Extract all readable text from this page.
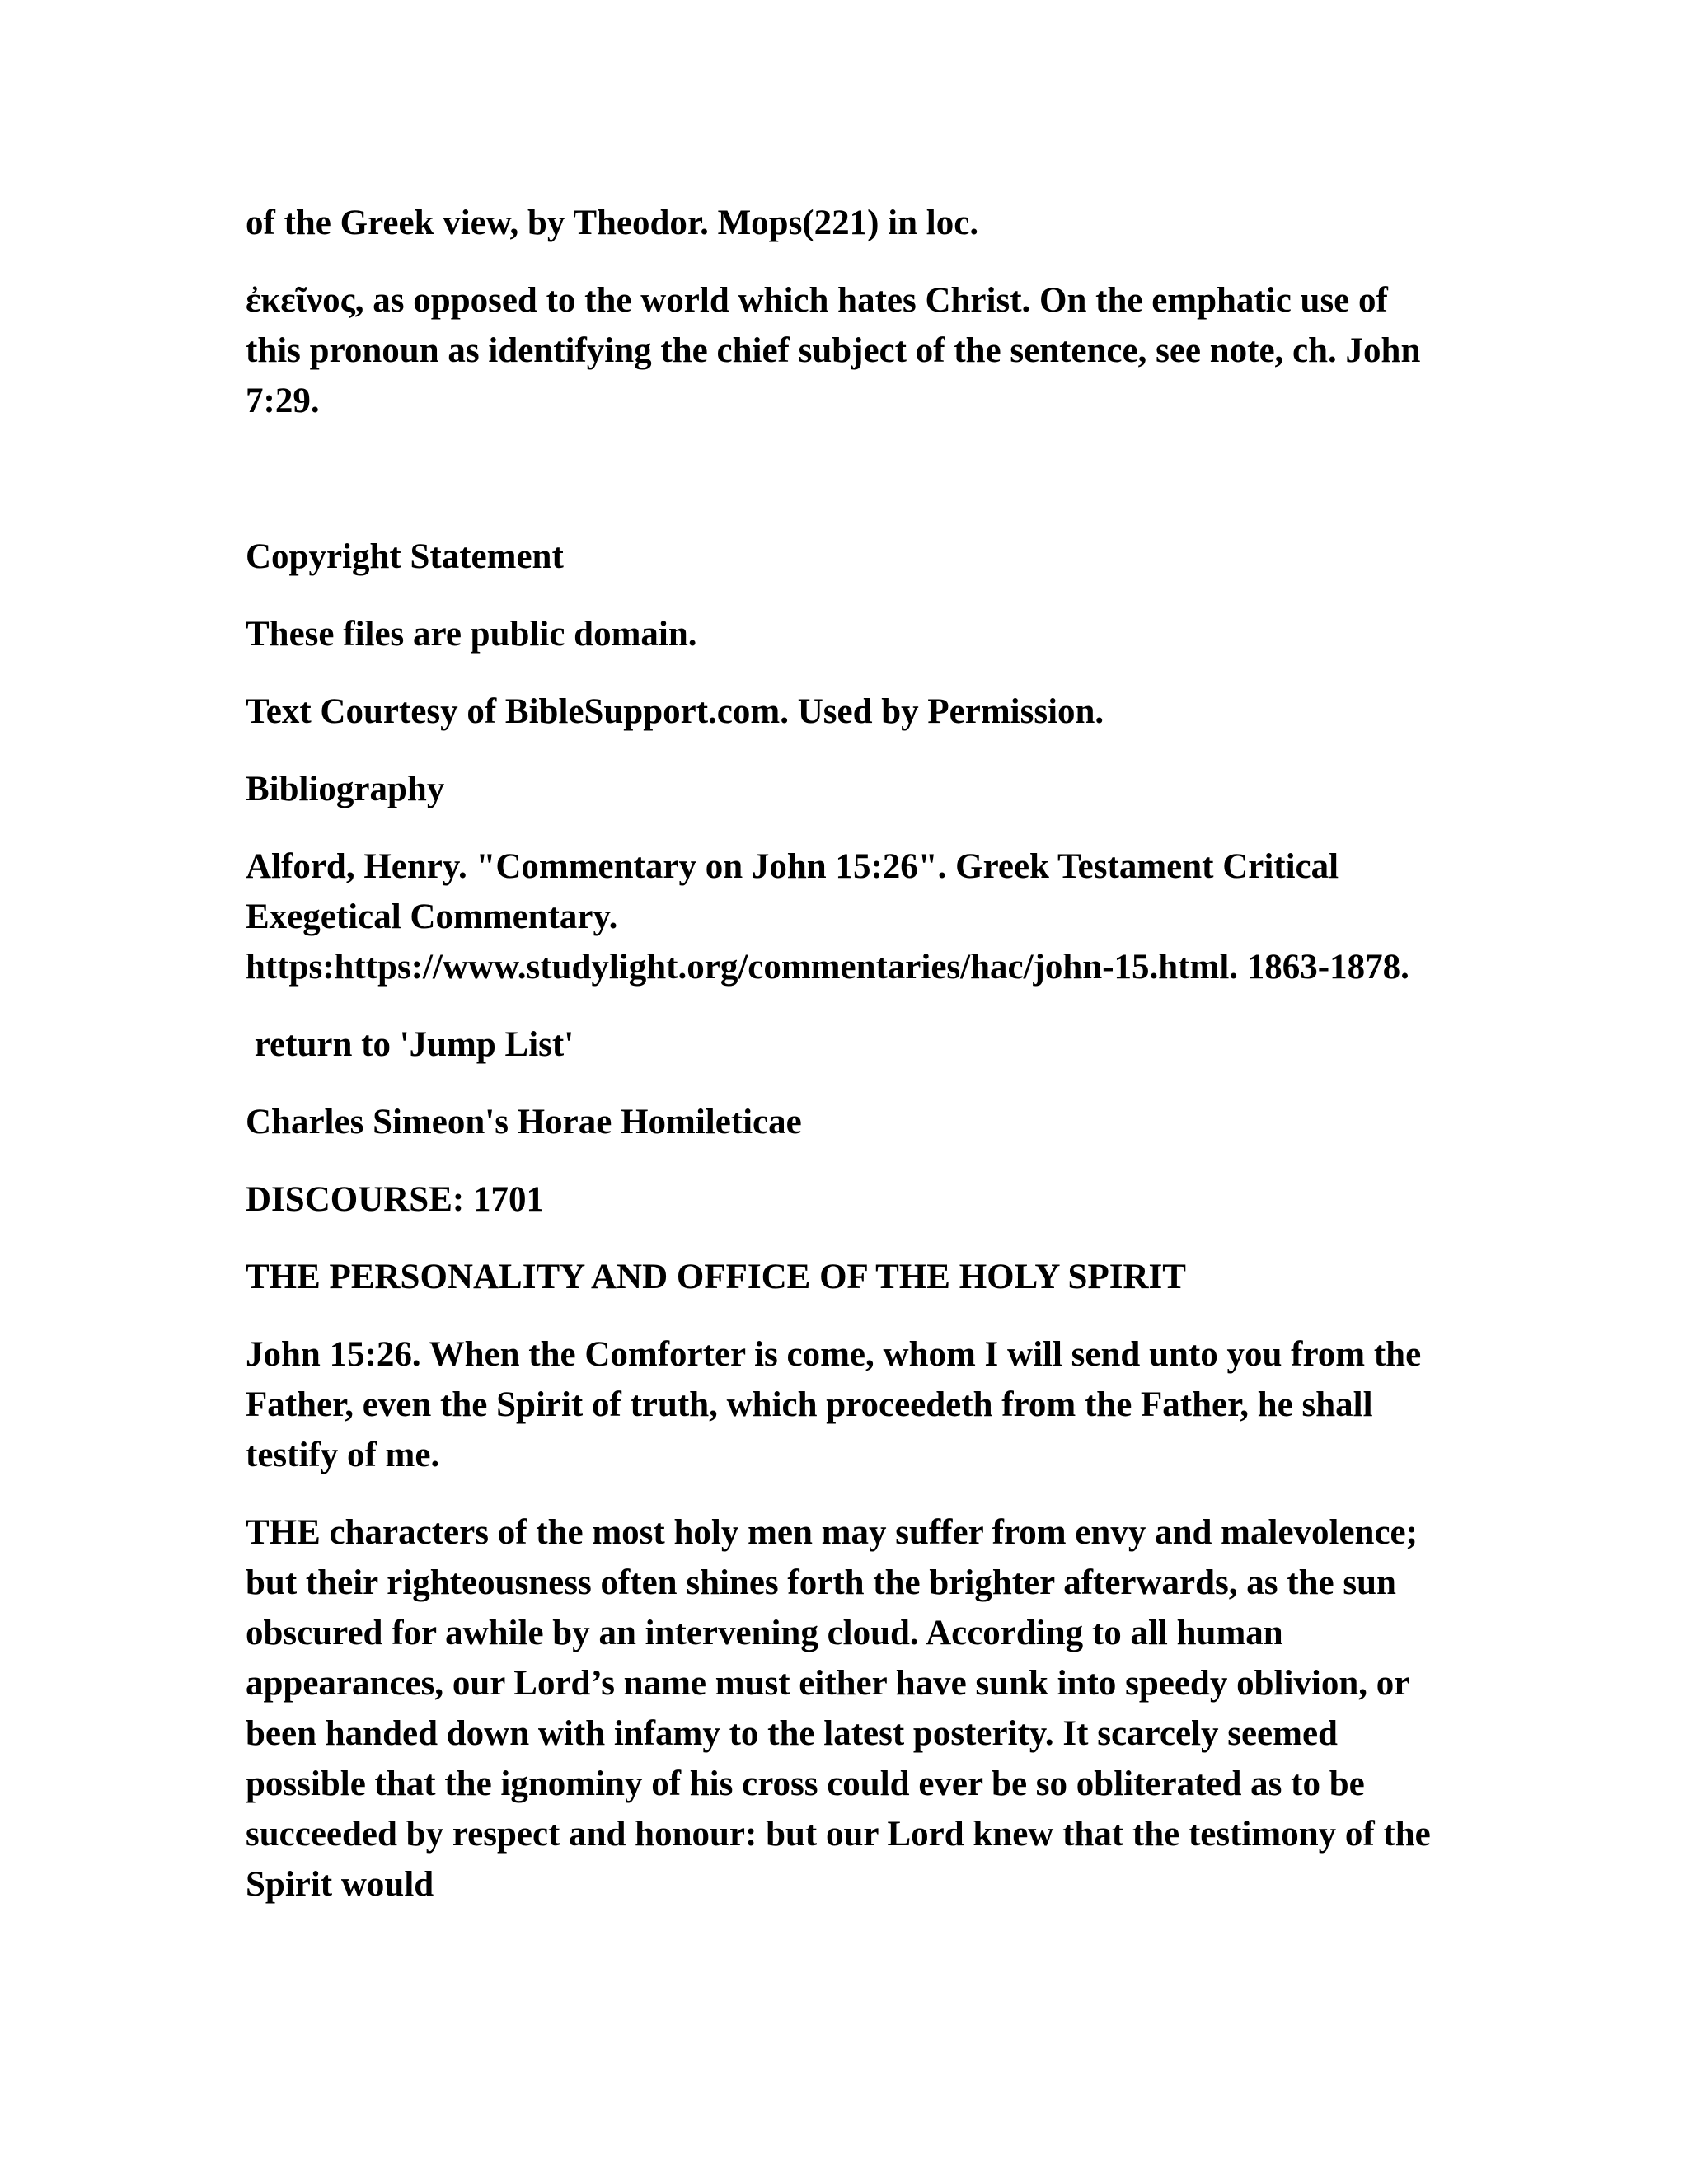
of the Greek view, by Theodor. Mops(221) in loc.

ἐκεῖνος, as opposed to the world which hates Christ. On the emphatic use of this pronoun as identifying the chief subject of the sentence, see note, ch. John 7:29.

Copyright Statement

These files are public domain.

Text Courtesy of BibleSupport.com. Used by Permission.

Bibliography

Alford, Henry. "Commentary on John 15:26". Greek Testament Critical Exegetical Commentary. https:https://www.studylight.org/commentaries/hac/john-15.html. 1863-1878.

return to 'Jump List'

Charles Simeon's Horae Homileticae

DISCOURSE: 1701

THE PERSONALITY AND OFFICE OF THE HOLY SPIRIT

John 15:26. When the Comforter is come, whom I will send unto you from the Father, even the Spirit of truth, which proceedeth from the Father, he shall testify of me.

THE characters of the most holy men may suffer from envy and malevolence; but their righteousness often shines forth the brighter afterwards, as the sun obscured for awhile by an intervening cloud. According to all human appearances, our Lord’s name must either have sunk into speedy oblivion, or been handed down with infamy to the latest posterity. It scarcely seemed possible that the ignominy of his cross could ever be so obliterated as to be succeeded by respect and honour: but our Lord knew that the testimony of the Spirit would
